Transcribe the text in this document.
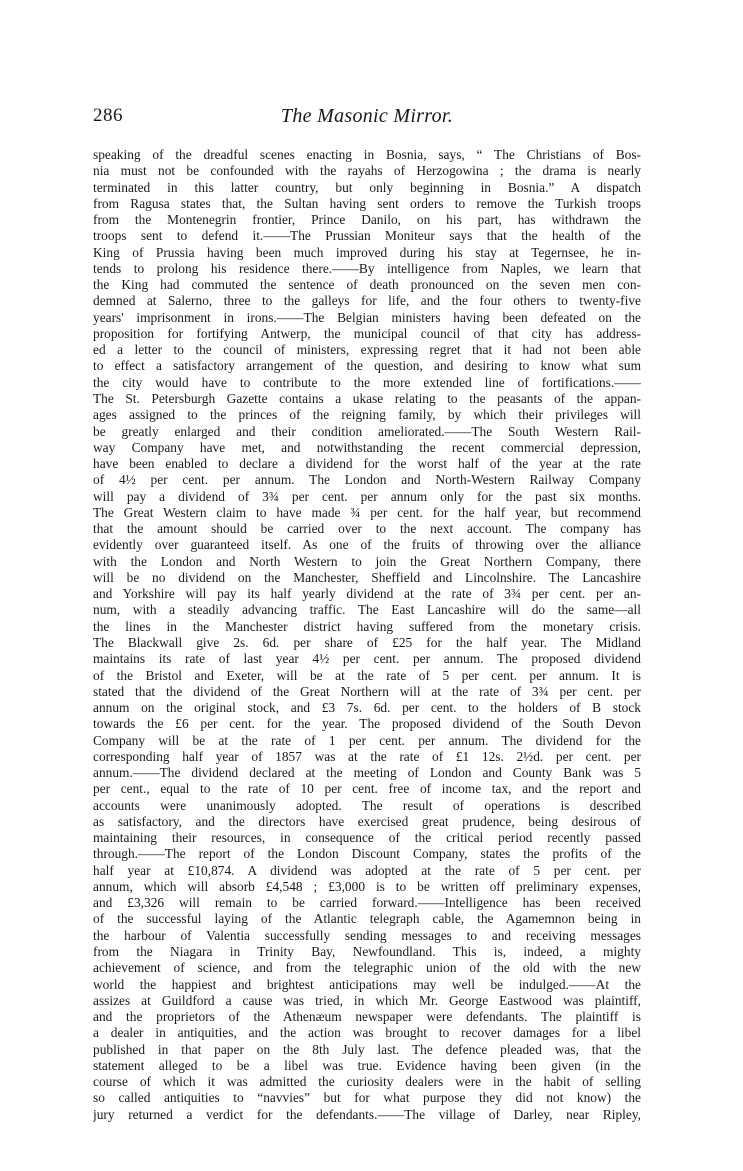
286	The Masonic Mirror.
speaking of the dreadful scenes enacting in Bosnia, says, “ The Christians of Bos-
nia must not be confounded with the rayahs of Herzogowina ; the drama is nearly
terminated in this latter country, but only beginning in Bosnia.” A dispatch
from Ragusa states that, the Sultan having sent orders to remove the Turkish troops
from the Montenegrin frontier, Prince Danilo, on his part, has withdrawn the
troops sent to defend it.——The Prussian Moniteur says that the health of the
King of Prussia having been much improved during his stay at Tegernsee, he in-
tends to prolong his residence there.——By intelligence from Naples, we learn that
the King had commuted the sentence of death pronounced on the seven men con-
demned at Salerno, three to the galleys for life, and the four others to twenty-five
years' imprisonment in irons.——The Belgian ministers having been defeated on the
proposition for fortifying Antwerp, the municipal council of that city has address-
ed a letter to the council of ministers, expressing regret that it had not been able
to effect a satisfactory arrangement of the question, and desiring to know what sum
the city would have to contribute to the more extended line of fortifications.——
The St. Petersburgh Gazette contains a ukase relating to the peasants of the appan-
ages assigned to the princes of the reigning family, by which their privileges will
be greatly enlarged and their condition ameliorated.——The South Western Rail-
way Company have met, and notwithstanding the recent commercial depression,
have been enabled to declare a dividend for the worst half of the year at the rate
of 4½ per cent. per annum. The London and North-Western Railway Company
will pay a dividend of 3¾ per cent. per annum only for the past six months.
The Great Western claim to have made ¾ per cent. for the half year, but recommend
that the amount should be carried over to the next account. The company has
evidently over guaranteed itself. As one of the fruits of throwing over the alliance
with the London and North Western to join the Great Northern Company, there
will be no dividend on the Manchester, Sheffield and Lincolnshire. The Lancashire
and Yorkshire will pay its half yearly dividend at the rate of 3¾ per cent. per an-
num, with a steadily advancing traffic. The East Lancashire will do the same—all
the lines in the Manchester district having suffered from the monetary crisis.
The Blackwall give 2s. 6d. per share of £25 for the half year. The Midland
maintains its rate of last year 4½ per cent. per annum. The proposed dividend
of the Bristol and Exeter, will be at the rate of 5 per cent. per annum. It is
stated that the dividend of the Great Northern will at the rate of 3¾ per cent. per
annum on the original stock, and £3 7s. 6d. per cent. to the holders of B stock
towards the £6 per cent. for the year. The proposed dividend of the South Devon
Company will be at the rate of 1 per cent. per annum. The dividend for the
corresponding half year of 1857 was at the rate of £1 12s. 2½d. per cent. per
annum.——The dividend declared at the meeting of London and County Bank was 5
per cent., equal to the rate of 10 per cent. free of income tax, and the report and
accounts were unanimously adopted. The result of operations is described
as satisfactory, and the directors have exercised great prudence, being desirous of
maintaining their resources, in consequence of the critical period recently passed
through.——The report of the London Discount Company, states the profits of the
half year at £10,874. A dividend was adopted at the rate of 5 per cent. per
annum, which will absorb £4,548 ; £3,000 is to be written off preliminary expenses,
and £3,326 will remain to be carried forward.——Intelligence has been received
of the successful laying of the Atlantic telegraph cable, the Agamemnon being in
the harbour of Valentia successfully sending messages to and receiving messages
from the Niagara in Trinity Bay, Newfoundland. This is, indeed, a mighty
achievement of science, and from the telegraphic union of the old with the new
world the happiest and brightest anticipations may well be indulged.——At the
assizes at Guildford a cause was tried, in which Mr. George Eastwood was plaintiff,
and the proprietors of the Athenæum newspaper were defendants. The plaintiff is
a dealer in antiquities, and the action was brought to recover damages for a libel
published in that paper on the 8th July last. The defence pleaded was, that the
statement alleged to be a libel was true. Evidence having been given (in the
course of which it was admitted the curiosity dealers were in the habit of selling
so called antiquities to “navvies” but for what purpose they did not know) the
jury returned a verdict for the defendants.——The village of Darley, near Ripley,
